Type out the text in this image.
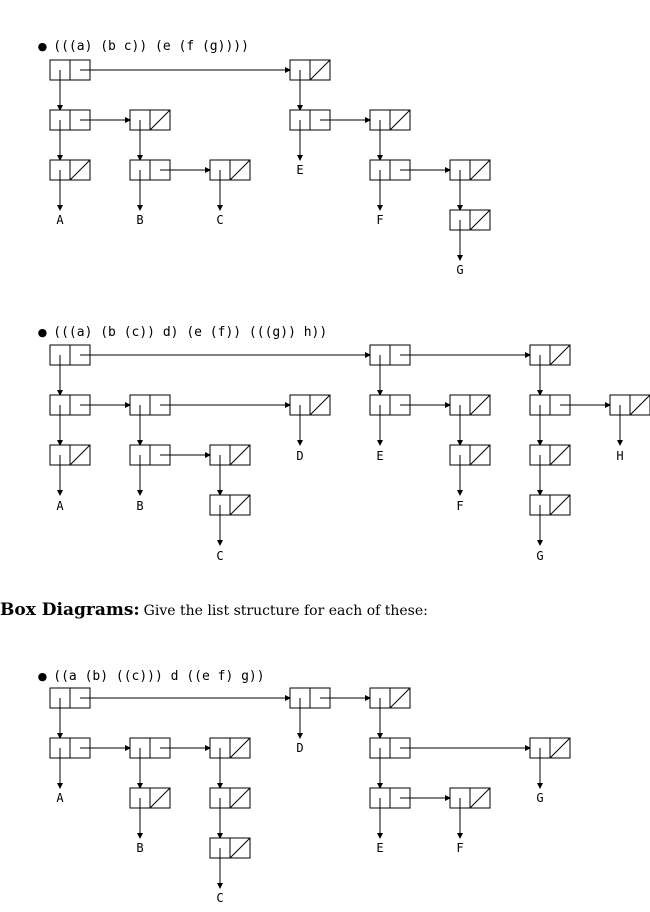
● (((a) (b c)) (e (f (g))))

E
A	B	C	F
G

● (((a) (b (c)) d) (e (f)) (((g)) h))

D	E	H
A	B	F
C	G
Box Diagrams: Give the list structure for each of these:

● ((a (b) ((c))) d ((e f) g))

D
A	G
B	E	F
C
